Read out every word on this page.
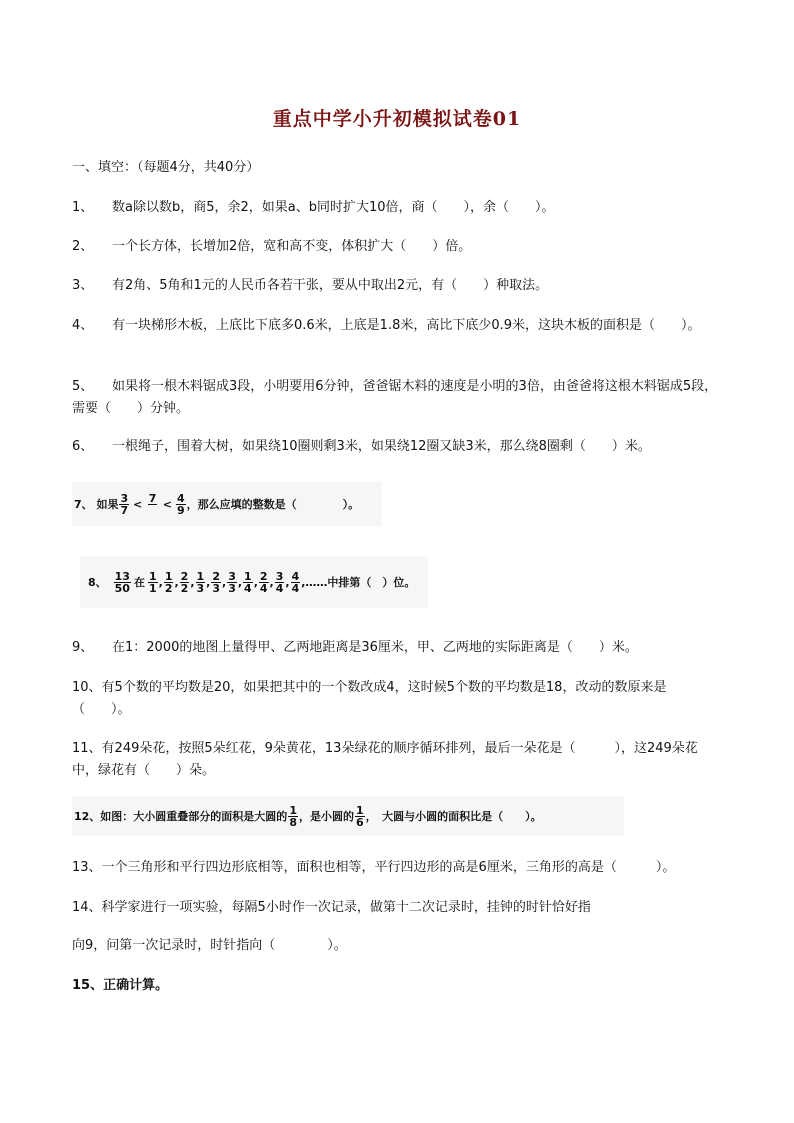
重点中学小升初模拟试卷01
一、填空：（每题4分，共40分）
1、 数a除以数b，商5，余2，如果a、b同时扩大10倍，商（　　），余（　　）。
2、 一个长方体，长增加2倍，宽和高不变，体积扩大（　　）倍。
3、 有2角、5角和1元的人民币各若干张，要从中取出2元，有（　　）种取法。
4、 有一块梯形木板，上底比下底多0.6米，上底是1.8米，高比下底少0.9米，这块木板的面积是（　　）。
5、 如果将一根木料锯成3段，小明要用6分钟，爸爸锯木料的速度是小明的3倍，由爸爸将这根木料锯成5段，需要（　　）分钟。
6、 一根绳子，围着大树，如果绕10圈则剩3米，如果绕12圈又缺3米，那么绕8圈剩（　　）米。
7、 如果 $\frac{3}{7} < \frac{7}{□} < \frac{4}{9}$ ，那么应填的整数是（	）。
8、 $\frac{13}{50}$ 在 $\frac{1}{1}$ , $\frac{1}{2}$ , $\frac{2}{2}$ , $\frac{1}{3}$ , $\frac{2}{3}$ , $\frac{3}{3}$ , $\frac{1}{4}$ , $\frac{2}{4}$ , $\frac{3}{4}$ , $\frac{4}{4}$ , ……中排第（　）位。
9、 在1：2000的地图上量得甲、乙两地距离是36厘米，甲、乙两地的实际距离是（　　）米。
10、有5个数的平均数是20，如果把其中的一个数改成4，这时候5个数的平均数是18，改动的数原来是（　　）。
11、有249朵花，按照5朵红花，9朵黄花，13朵绿花的顺序循环排列，最后一朵花是（　　　），这249朵花中，绿花有（　　）朵。
12、如图：大小圆重叠部分的面积是大圆的 $\frac{1}{8}$ ，是小圆的 $\frac{1}{6}$ ，　大圆与小圆的面积比是（　　）。
13、一个三角形和平行四边形底相等，面积也相等，平行四边形的高是6厘米，三角形的高是（　　　）。
14、科学家进行一项实验，每隔5小时作一次记录，做第十二次记录时，挂钟的时针恰好指
向9，问第一次记录时，时针指向（　　　　）。
15、正确计算。
